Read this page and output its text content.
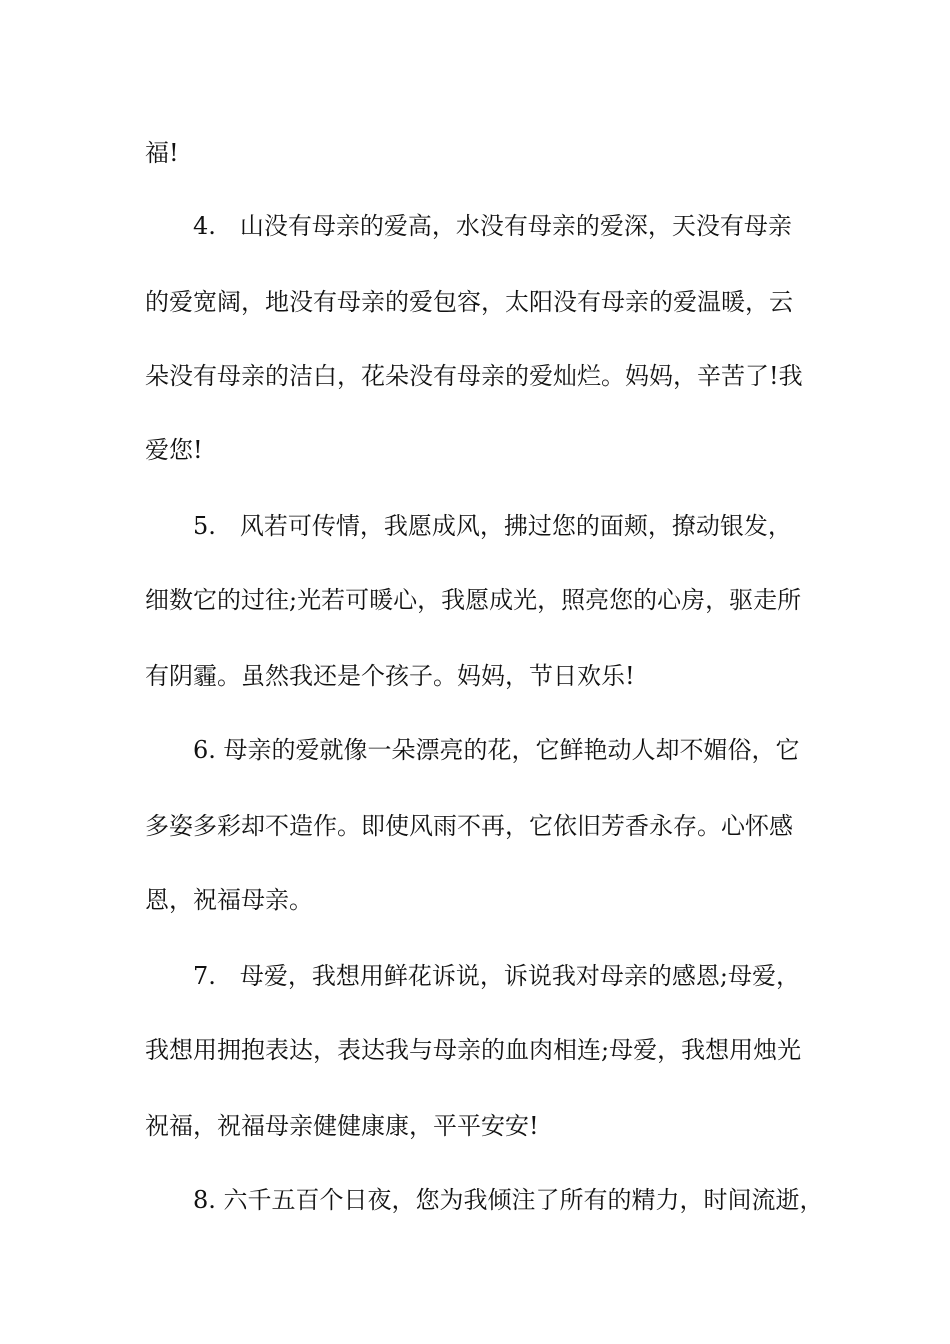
福!
4.　山没有母亲的爱高，水没有母亲的爱深，天没有母亲
的爱宽阔，地没有母亲的爱包容，太阳没有母亲的爱温暖，云
朵没有母亲的洁白，花朵没有母亲的爱灿烂。妈妈，辛苦了!我
爱您!
5.　风若可传情，我愿成风，拂过您的面颊，撩动银发，
细数它的过往;光若可暖心，我愿成光，照亮您的心房，驱走所
有阴霾。虽然我还是个孩子。妈妈，节日欢乐!
6. 母亲的爱就像一朵漂亮的花，它鲜艳动人却不媚俗，它
多姿多彩却不造作。即使风雨不再，它依旧芳香永存。心怀感
恩，祝福母亲。
7.　母爱，我想用鲜花诉说，诉说我对母亲的感恩;母爱，
我想用拥抱表达，表达我与母亲的血肉相连;母爱，我想用烛光
祝福，祝福母亲健健康康，平平安安!
8. 六千五百个日夜，您为我倾注了所有的精力，时间流逝，
